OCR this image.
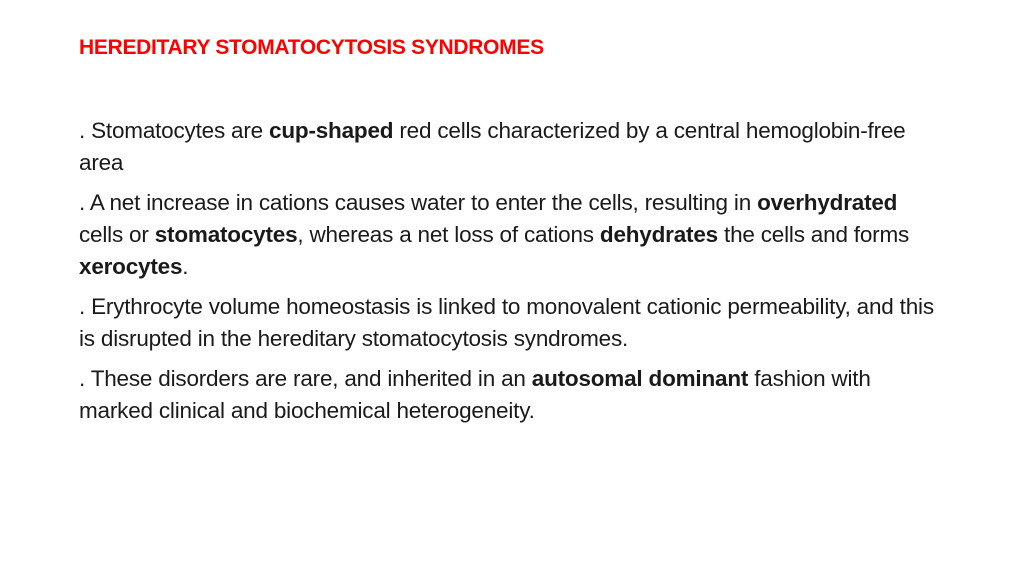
HEREDITARY STOMATOCYTOSIS SYNDROMES

. Stomatocytes are cup-shaped red cells characterized by a central hemoglobin-free area

. A net increase in cations causes water to enter the cells, resulting in overhydrated cells or stomatocytes, whereas a net loss of cations dehydrates the cells and forms xerocytes.

. Erythrocyte volume homeostasis is linked to monovalent cationic permeability, and this is disrupted in the hereditary stomatocytosis syndromes.

. These disorders are rare, and inherited in an autosomal dominant fashion with marked clinical and biochemical heterogeneity.
